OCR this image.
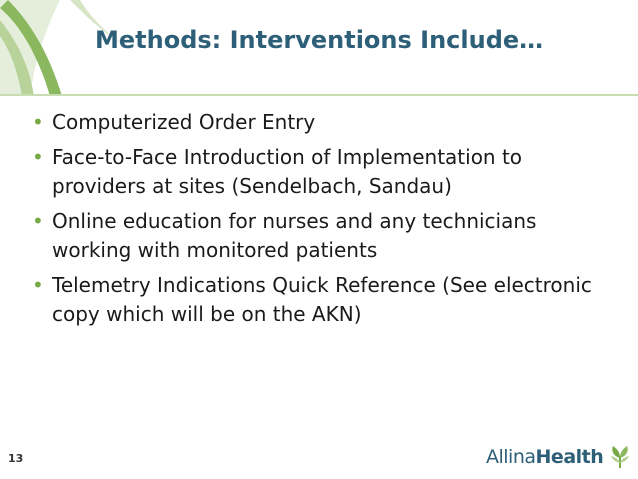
Methods: Interventions Include…
• Computerized Order Entry
• Face-to-Face Introduction of Implementation to providers at sites (Sendelbach, Sandau)
• Online education for nurses and any technicians working with monitored patients
• Telemetry Indications Quick Reference (See electronic copy which will be on the AKN)
13	AllinaHealth
